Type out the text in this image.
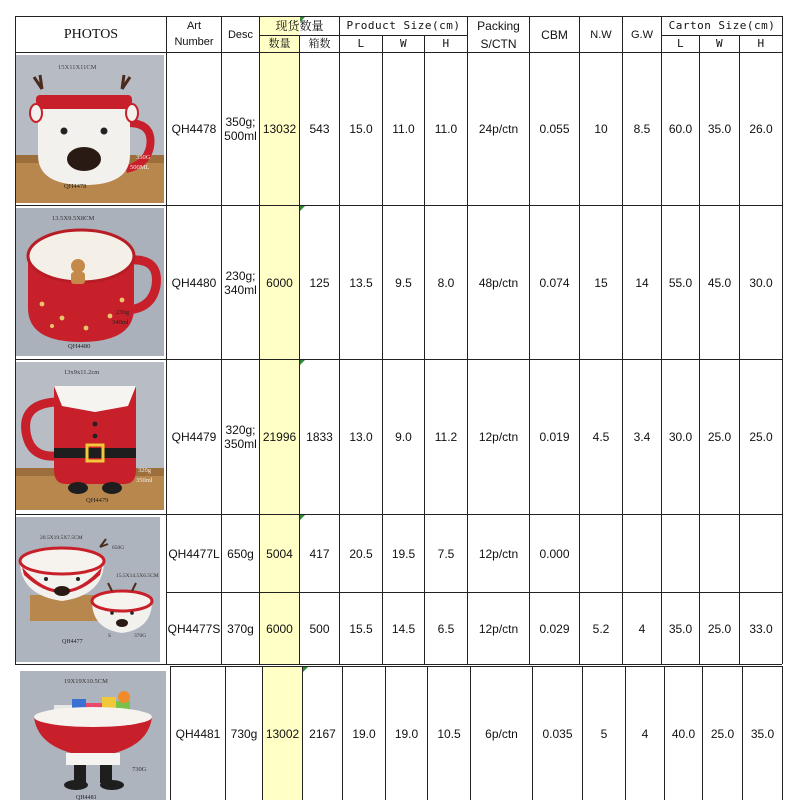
PHOTOS
Art
Number
Desc
现货数量
数量	箱数
Product Size(cm)
L	W	H
Packing
S/CTN
CBM	N.W	G.W
Carton Size(cm)
L	W	H
15X11X11CM
350G
500ML
QH4478
QH4478 350g;
500ml 13032	543	15.0	11.0	11.0	24p/ctn	0.055	10	8.5	60.0	35.0	26.0
13.5X9.5X8CM
230g
340ml
QH4480
QH4480 230g;
340ml 6000	125	13.5	9.5	8.0	48p/ctn	0.074	15	14	55.0	45.0	30.0
13x9x11.2cm
320g
350ml
QH4479
QH4479 320g;
350ml 21996 1833	13.0	9.0	11.2	12p/ctn	0.019	4.5	3.4	30.0	25.0	25.0
20.5X19.5X7.5CM
650G
15.5X14.5X6.5CM
S	370G
QH4477
QH4477L 650g	5004	417	20.5	19.5	7.5	12p/ctn	0.000
QH4477S 370g	6000	500	15.5	14.5	6.5	12p/ctn	0.029	5.2	4	35.0	25.0	33.0
19X19X10.5CM
730G
QH4481
QH4481 730g 13002 2167	19.0	19.0	10.5	6p/ctn	0.035	5	4	40.0	25.0	35.0
